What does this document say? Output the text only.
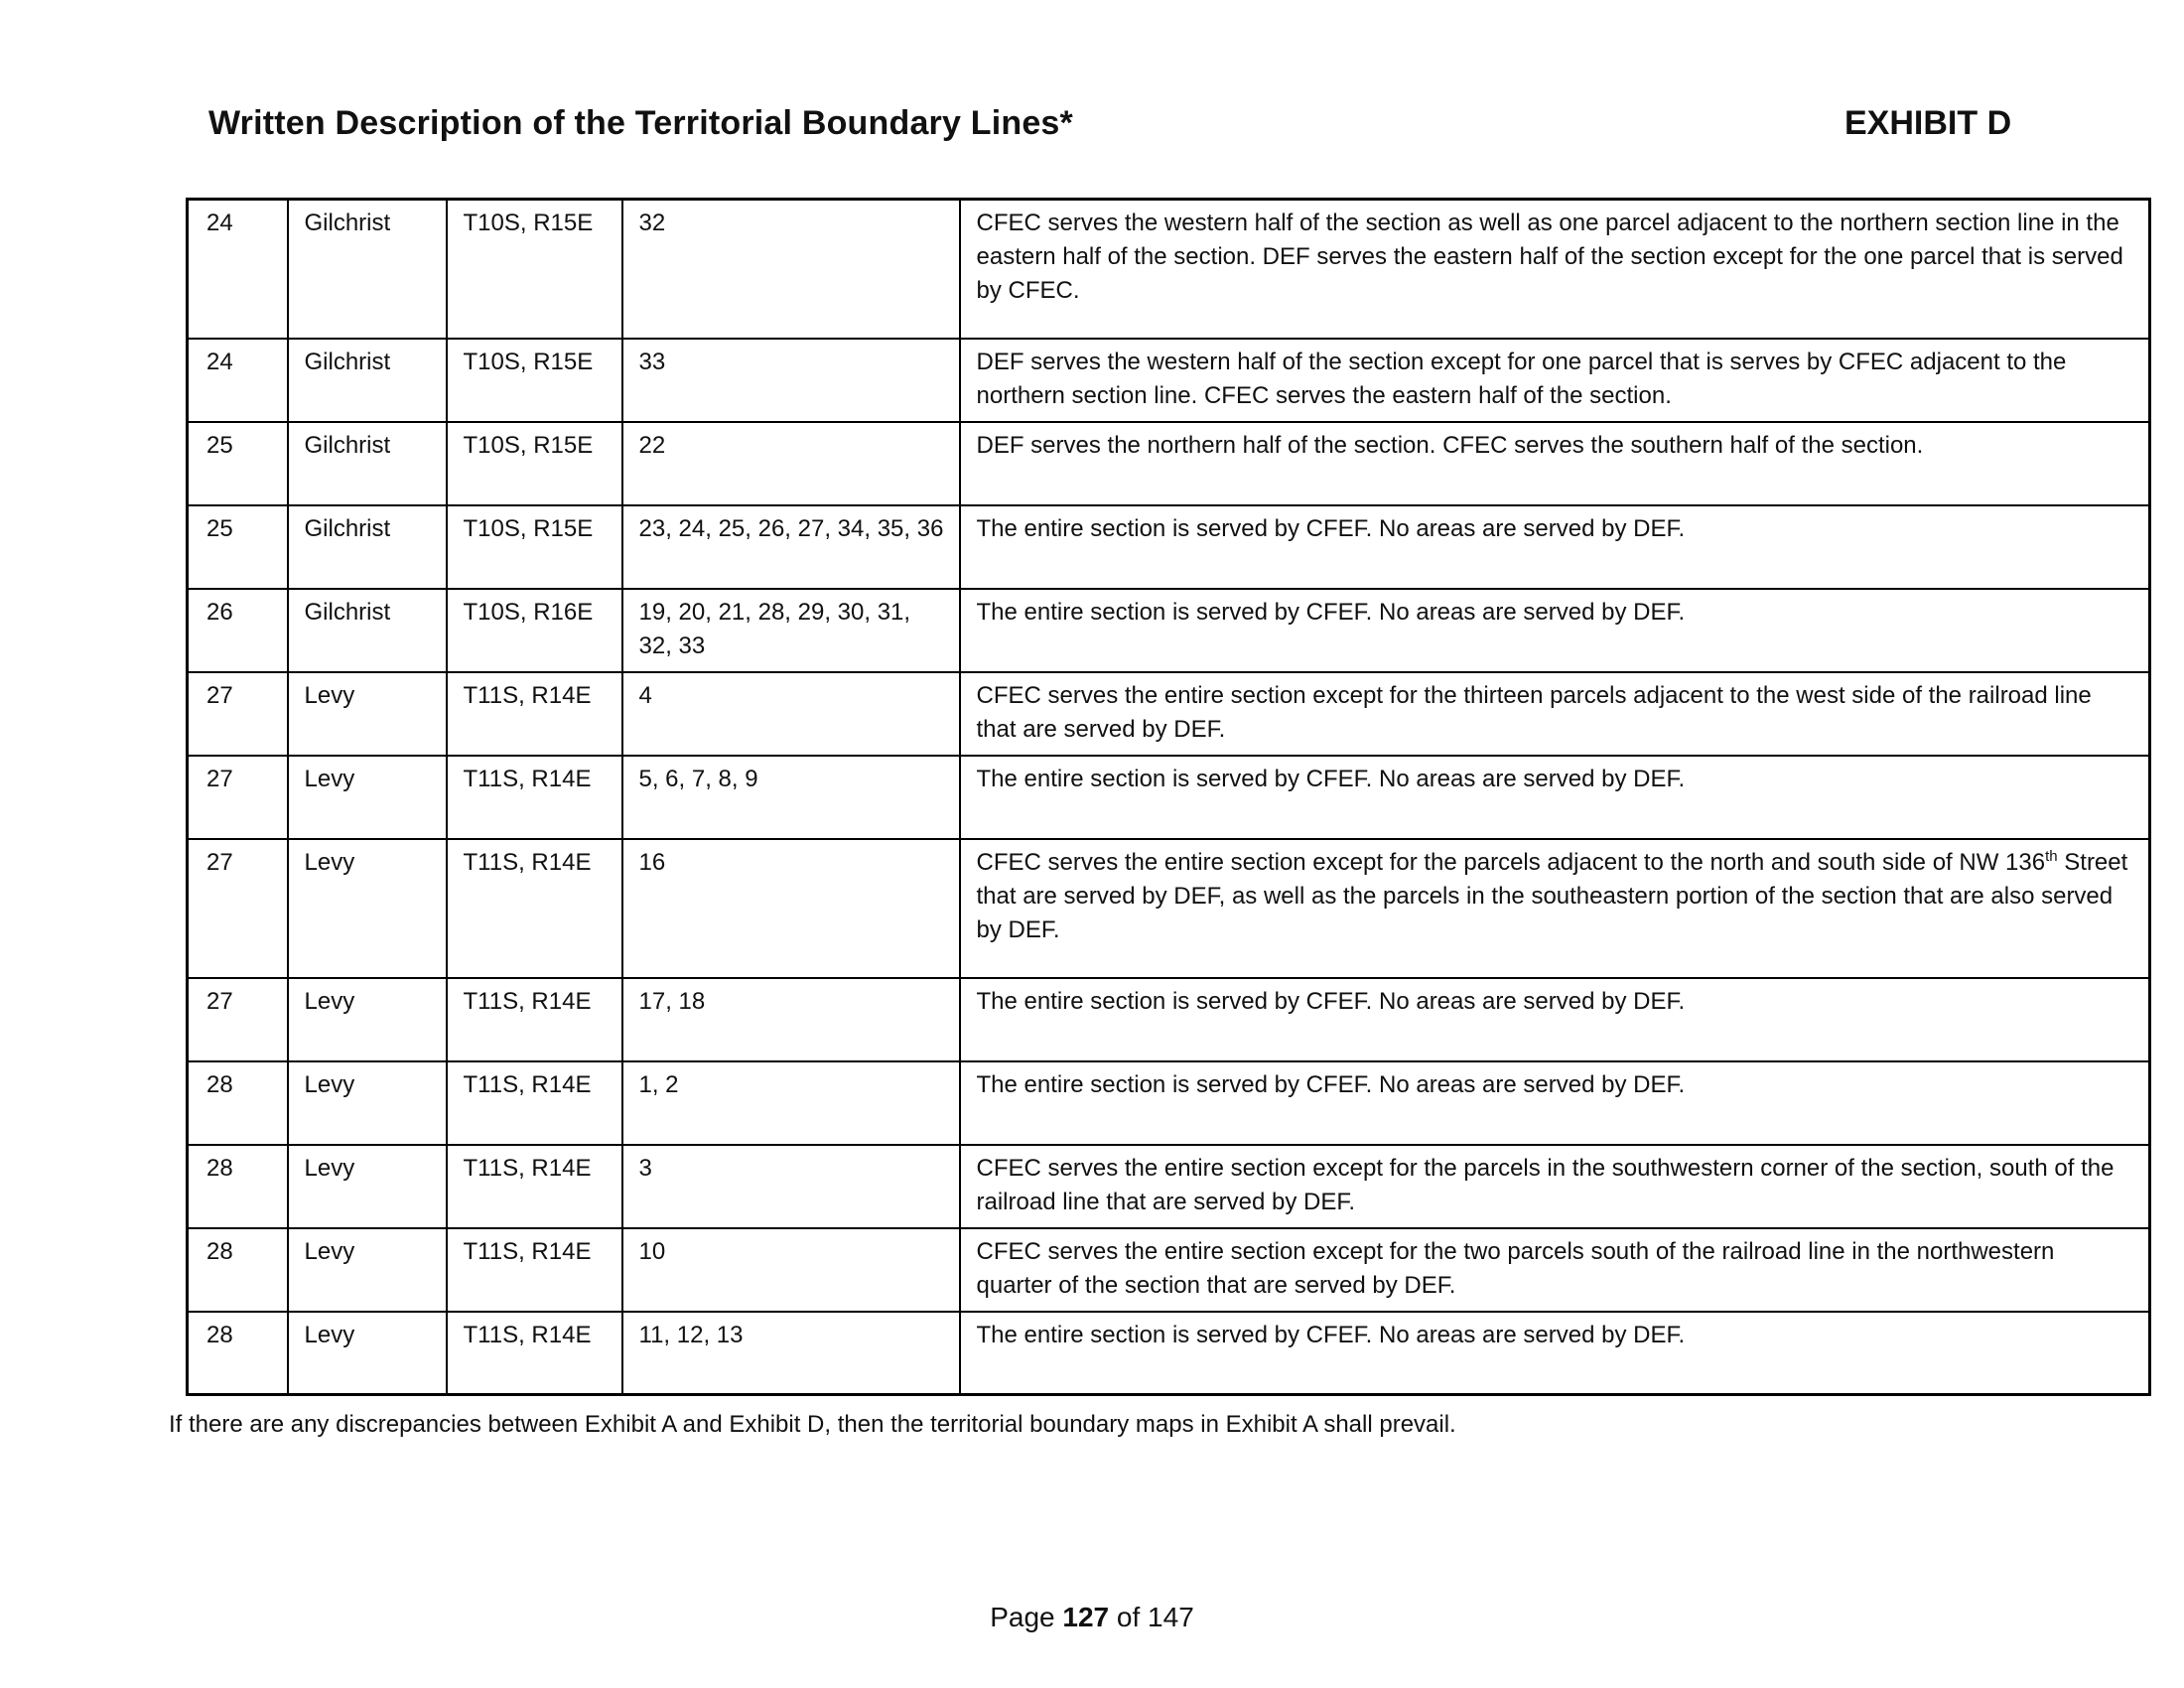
Written Description of the Territorial Boundary Lines*	EXHIBIT D
24	Gilchrist	T10S, R15E	32	CFEC serves the western half of the section as well as one parcel adjacent to the northern section line in the eastern half of the section. DEF serves the eastern half of the section except for the one parcel that is served by CFEC.
24	Gilchrist	T10S, R15E	33	DEF serves the western half of the section except for one parcel that is serves by CFEC adjacent to the northern section line. CFEC serves the eastern half of the section.
25	Gilchrist	T10S, R15E	22	DEF serves the northern half of the section. CFEC serves the southern half of the section.
25	Gilchrist	T10S, R15E	23, 24, 25, 26, 27, 34, 35, 36	The entire section is served by CFEF. No areas are served by DEF.
26	Gilchrist	T10S, R16E	19, 20, 21, 28, 29, 30, 31, 32, 33	The entire section is served by CFEF. No areas are served by DEF.
27	Levy	T11S, R14E	4	CFEC serves the entire section except for the thirteen parcels adjacent to the west side of the railroad line that are served by DEF.
27	Levy	T11S, R14E	5, 6, 7, 8, 9	The entire section is served by CFEF. No areas are served by DEF.
27	Levy	T11S, R14E	16	CFEC serves the entire section except for the parcels adjacent to the north and south side of NW 136th Street that are served by DEF, as well as the parcels in the southeastern portion of the section that are also served by DEF.
27	Levy	T11S, R14E	17, 18	The entire section is served by CFEF. No areas are served by DEF.
28	Levy	T11S, R14E	1, 2	The entire section is served by CFEF. No areas are served by DEF.
28	Levy	T11S, R14E	3	CFEC serves the entire section except for the parcels in the southwestern corner of the section, south of the railroad line that are served by DEF.
28	Levy	T11S, R14E	10	CFEC serves the entire section except for the two parcels south of the railroad line in the northwestern quarter of the section that are served by DEF.
28	Levy	T11S, R14E	11, 12, 13	The entire section is served by CFEF. No areas are served by DEF.
If there are any discrepancies between Exhibit A and Exhibit D, then the territorial boundary maps in Exhibit A shall prevail.
Page 127 of 147
